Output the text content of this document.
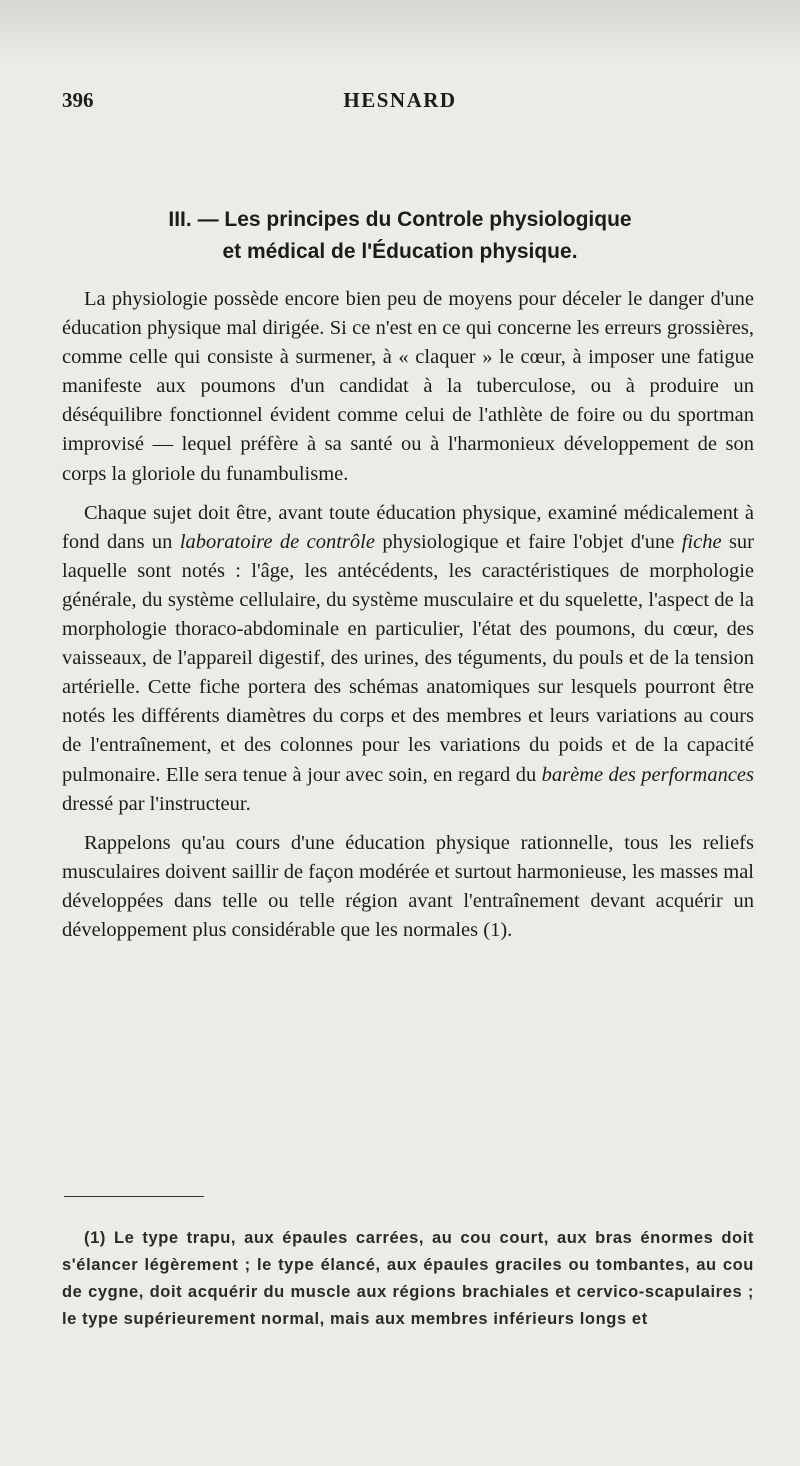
396	HESNARD
III. — Les principes du Controle physiologique
et médical de l'Éducation physique.

La physiologie possède encore bien peu de moyens pour déceler le danger d'une éducation physique mal dirigée. Si ce n'est en ce qui concerne les erreurs grossières, comme celle qui consiste à surmener, à « claquer » le cœur, à imposer une fatigue manifeste aux poumons d'un candidat à la tuberculose, ou à produire un déséquilibre fonctionnel évident comme celui de l'athlète de foire ou du sportman improvisé — lequel préfère à sa santé ou à l'harmonieux développement de son corps la gloriole du funambulisme.

Chaque sujet doit être, avant toute éducation physique, examiné médicalement à fond dans un laboratoire de contrôle physiologique et faire l'objet d'une fiche sur laquelle sont notés : l'âge, les antécédents, les caractéristiques de morphologie générale, du système cellulaire, du système musculaire et du squelette, l'aspect de la morphologie thoraco-abdominale en particulier, l'état des poumons, du cœur, des vaisseaux, de l'appareil digestif, des urines, des téguments, du pouls et de la tension artérielle. Cette fiche portera des schémas anatomiques sur lesquels pourront être notés les différents diamètres du corps et des membres et leurs variations au cours de l'entraînement, et des colonnes pour les variations du poids et de la capacité pulmonaire. Elle sera tenue à jour avec soin, en regard du barème des performances dressé par l'instructeur.

Rappelons qu'au cours d'une éducation physique rationnelle, tous les reliefs musculaires doivent saillir de façon modérée et surtout harmonieuse, les masses mal développées dans telle ou telle région avant l'entraînement devant acquérir un développement plus considérable que les normales (1).

(1) Le type trapu, aux épaules carrées, au cou court, aux bras énormes doit s'élancer légèrement ; le type élancé, aux épaules graciles ou tombantes, au cou de cygne, doit acquérir du muscle aux régions brachiales et cervico-scapulaires ; le type supérieurement normal, mais aux membres inférieurs longs et
